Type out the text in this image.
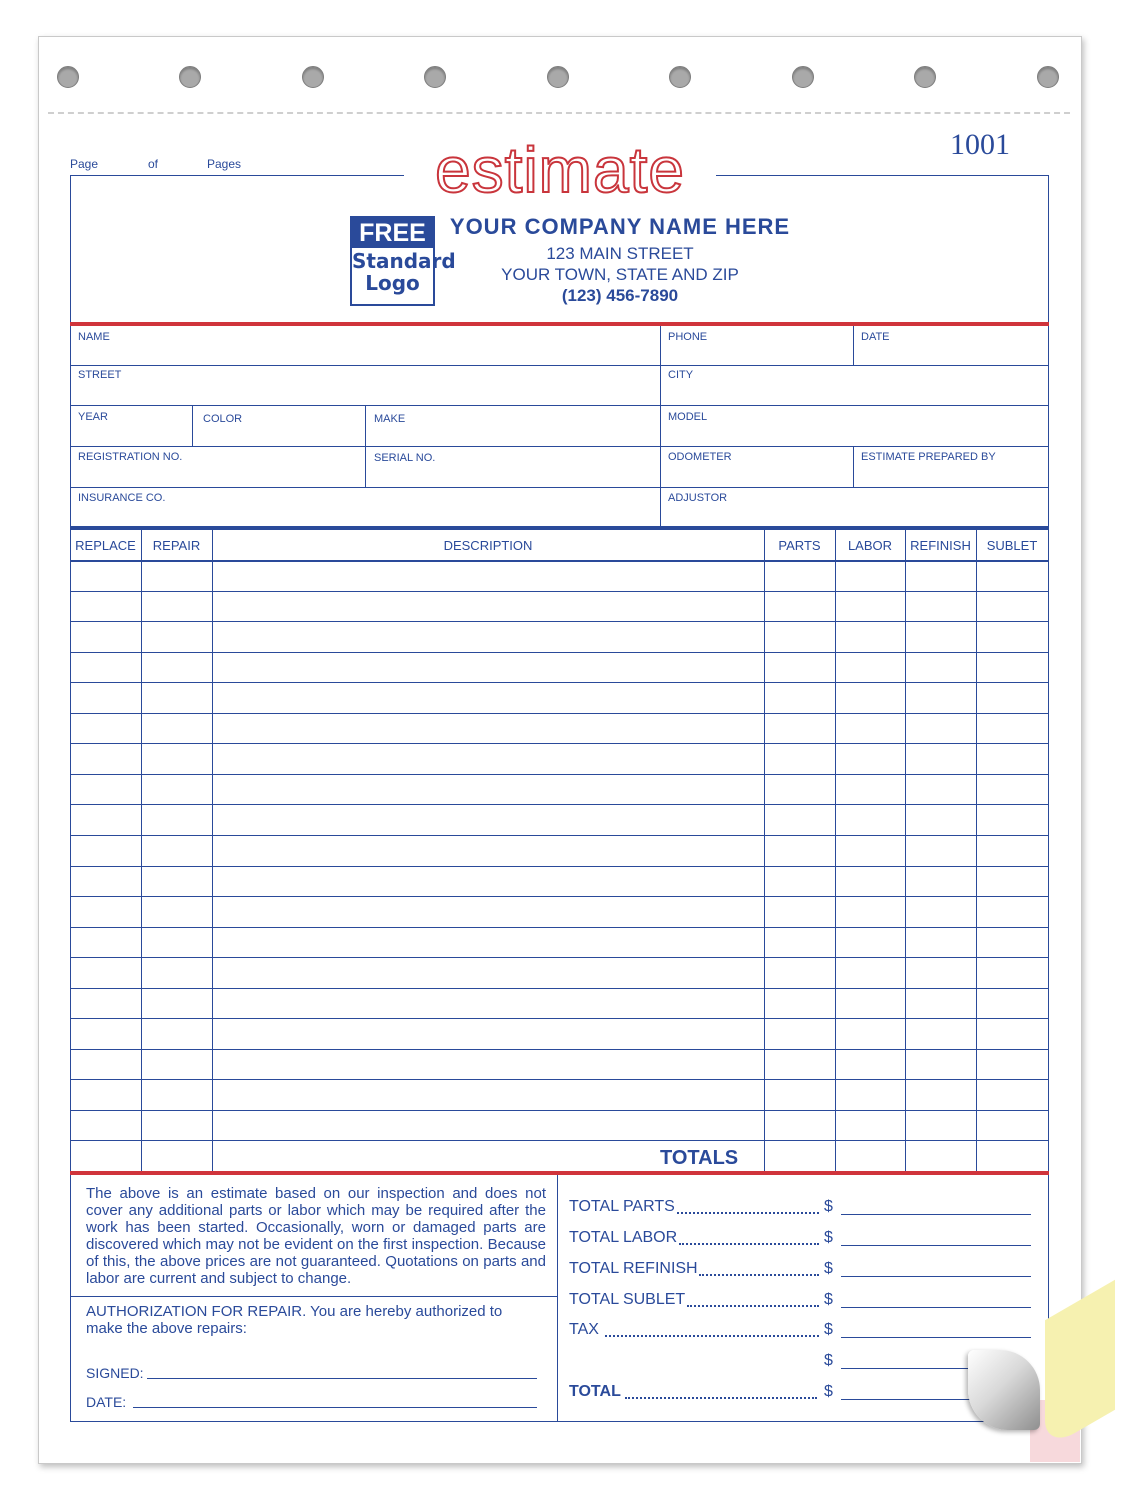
Page	of	Pages	estimate	1001
FREE
Standard
Logo
YOUR COMPANY NAME HERE
123 MAIN STREET
YOUR TOWN, STATE AND ZIP
(123) 456-7890
NAME	PHONE	DATE
STREET	CITY
YEAR	COLOR	MAKE	MODEL
REGISTRATION NO.	SERIAL NO.	ODOMETER	ESTIMATE PREPARED BY
INSURANCE CO.	ADJUSTOR
REPLACE	REPAIR	DESCRIPTION	PARTS	LABOR	REFINISH	SUBLET
TOTALS
The above is an estimate based on our inspection and does not cover any additional parts or labor which may be required after the work has been started. Occasionally, worn or damaged parts are discovered which may not be evident on the first inspection. Because of this, the above prices are not guaranteed. Quotations on parts and labor are current and subject to change.
AUTHORIZATION FOR REPAIR. You are hereby authorized to make the above repairs:
SIGNED:
DATE:
TOTAL PARTS	$
TOTAL LABOR	$
TOTAL REFINISH	$
TOTAL SUBLET	$
TAX	$
$
TOTAL	$
